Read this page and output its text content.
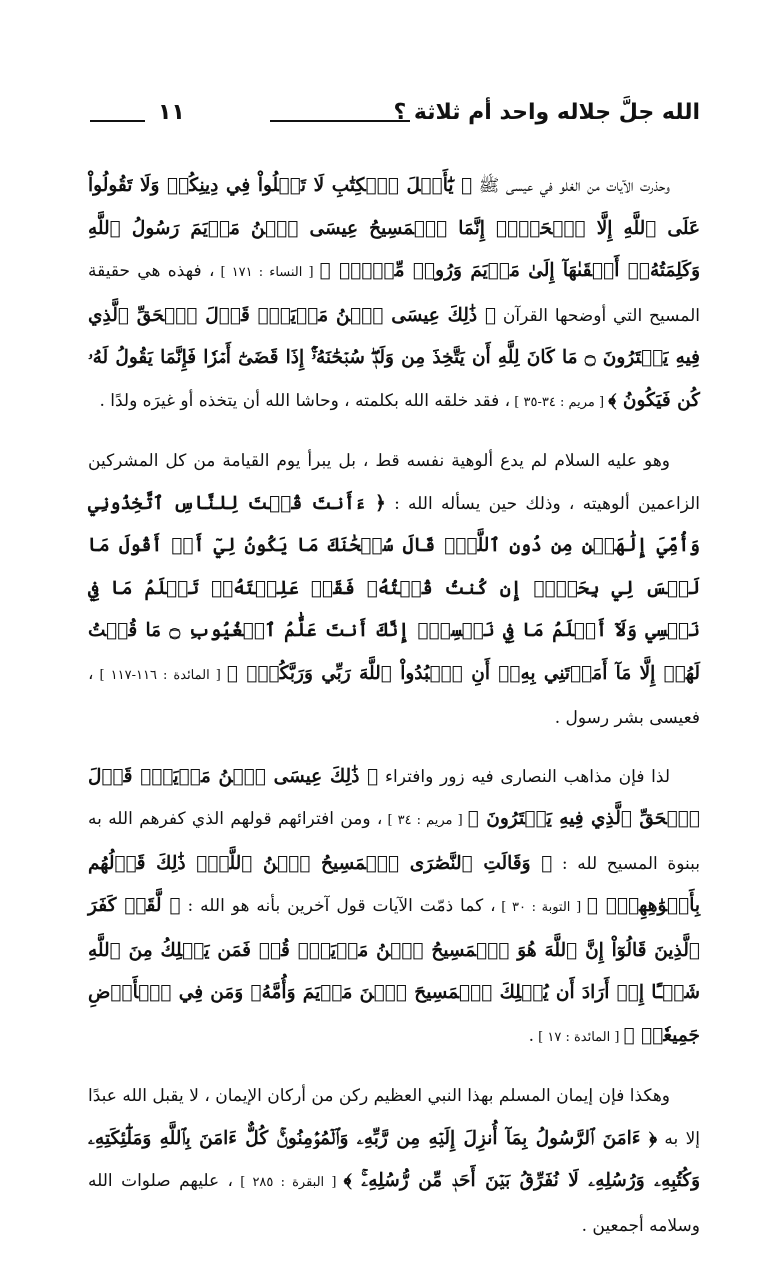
الله جلَّ جلاله واحد أم ثلاثة ؟
١١

وحذرت الآيات من الغلو في عيسى ﷺ ﴿ يَٰٓأَهۡلَ ٱلۡكِتَٰبِ لَا تَغۡلُواْ فِي دِينِكُمۡ وَلَا تَقُولُواْ عَلَى ٱللَّهِ إِلَّا ٱلۡحَقَّۚ إِنَّمَا ٱلۡمَسِيحُ عِيسَى ٱبۡنُ مَرۡيَمَ رَسُولُ ٱللَّهِ وَكَلِمَتُهُۥٓ أَلۡقَىٰهَآ إِلَىٰ مَرۡيَمَ وَرُوحٞ مِّنۡهُۖ ﴾ [ النساء : ١٧١ ] ، فهذه هي حقيقة المسيح التي أوضحها القرآن ﴿ ذَٰلِكَ عِيسَى ٱبۡنُ مَرۡيَمَۖ قَوۡلَ ٱلۡحَقِّ ٱلَّذِي فِيهِ يَمۡتَرُونَ ۝ مَا كَانَ لِلَّهِ أَن يَتَّخِذَ مِن وَلَدٖۖ سُبۡحَٰنَهُۥٓۚ إِذَا قَضَىٰٓ أَمۡرٗا فَإِنَّمَا يَقُولُ لَهُۥ كُن فَيَكُونُ ﴾ [ مريم : ٣٤-٣٥ ] ، فقد خلقه الله بكلمته ، وحاشا الله أن يتخذه أو غيرَه ولدًا .

وهو عليه السلام لم يدع ألوهية نفسه قط ، بل يبرأ يوم القيامة من كل المشركين الزاعمين ألوهيته ، وذلك حين يسأله الله : ﴿ ءَأَنتَ قُلۡتَ لِلنَّاسِ ٱتَّخِذُونِي وَأُمِّيَ إِلَٰهَيۡنِ مِن دُونِ ٱللَّهِۖ قَالَ سُبۡحَٰنَكَ مَا يَكُونُ لِيٓ أَنۡ أَقُولَ مَا لَيۡسَ لِي بِحَقٍّۚ إِن كُنتُ قُلۡتُهُۥ فَقَدۡ عَلِمۡتَهُۥۚ تَعۡلَمُ مَا فِي نَفۡسِي وَلَآ أَعۡلَمُ مَا فِي نَفۡسِكَۚ إِنَّكَ أَنتَ عَلَّٰمُ ٱلۡغُيُوبِ ۝ مَا قُلۡتُ لَهُمۡ إِلَّا مَآ أَمَرۡتَنِي بِهِۦٓ أَنِ ٱعۡبُدُواْ ٱللَّهَ رَبِّي وَرَبَّكُمۡۚ ﴾ [ المائدة : ١١٦-١١٧ ] ، فعيسى بشر رسول .

لذا فإن مذاهب النصارى فيه زور وافتراء ﴿ ذَٰلِكَ عِيسَى ٱبۡنُ مَرۡيَمَۖ قَوۡلَ ٱلۡحَقِّ ٱلَّذِي فِيهِ يَمۡتَرُونَ ﴾ [ مريم : ٣٤ ] ، ومن افترائهم قولهم الذي كفرهم الله به ببنوة المسيح لله : ﴿ وَقَالَتِ ٱلنَّصَٰرَى ٱلۡمَسِيحُ ٱبۡنُ ٱللَّهِۖ ذَٰلِكَ قَوۡلُهُم بِأَفۡوَٰهِهِمۡۖ ﴾ [ التوبة : ٣٠ ] ، كما ذمّت الآيات قول آخرين بأنه هو الله : ﴿ لَّقَدۡ كَفَرَ ٱلَّذِينَ قَالُوٓاْ إِنَّ ٱللَّهَ هُوَ ٱلۡمَسِيحُ ٱبۡنُ مَرۡيَمَۚ قُلۡ فَمَن يَمۡلِكُ مِنَ ٱللَّهِ شَيۡـًٔا إِنۡ أَرَادَ أَن يُهۡلِكَ ٱلۡمَسِيحَ ٱبۡنَ مَرۡيَمَ وَأُمَّهُۥ وَمَن فِي ٱلۡأَرۡضِ جَمِيعٗاۗ ﴾ [ المائدة : ١٧ ] .

وهكذا فإن إيمان المسلم بهذا النبي العظيم ركن من أركان الإيمان ، لا يقبل الله عبدًا إلا به ﴿ ءَامَنَ ٱلرَّسُولُ بِمَآ أُنزِلَ إِلَيۡهِ مِن رَّبِّهِۦ وَٱلۡمُؤۡمِنُونَۚ كُلٌّ ءَامَنَ بِٱللَّهِ وَمَلَٰٓئِكَتِهِۦ وَكُتُبِهِۦ وَرُسُلِهِۦ لَا نُفَرِّقُ بَيۡنَ أَحَدٖ مِّن رُّسُلِهِۦۚ ﴾ [ البقرة : ٢٨٥ ] ، عليهم صلوات الله وسلامه أجمعين .
